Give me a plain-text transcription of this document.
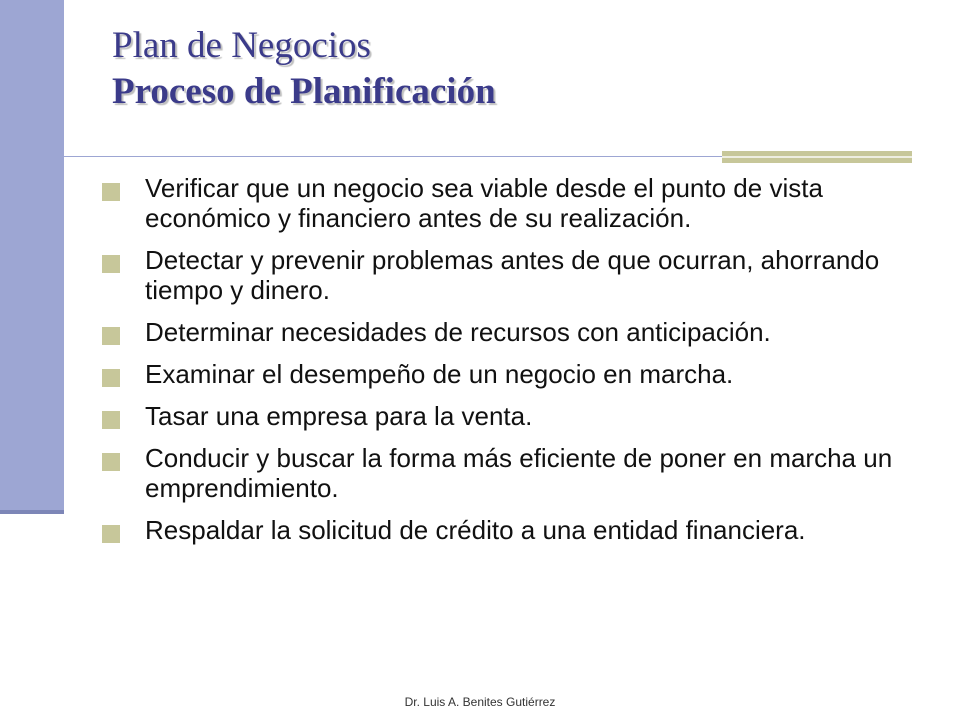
Plan de Negocios
Proceso de Planificación
Verificar que un negocio sea viable desde el punto de vista económico y financiero antes de su realización.
Detectar y prevenir problemas antes de que ocurran, ahorrando tiempo y dinero.
Determinar necesidades de recursos con anticipación.
Examinar el desempeño de un negocio en marcha.
Tasar una empresa para la venta.
Conducir y buscar la forma más eficiente de poner en marcha un emprendimiento.
Respaldar la solicitud de crédito a una entidad financiera.
Dr. Luis A. Benites Gutiérrez
